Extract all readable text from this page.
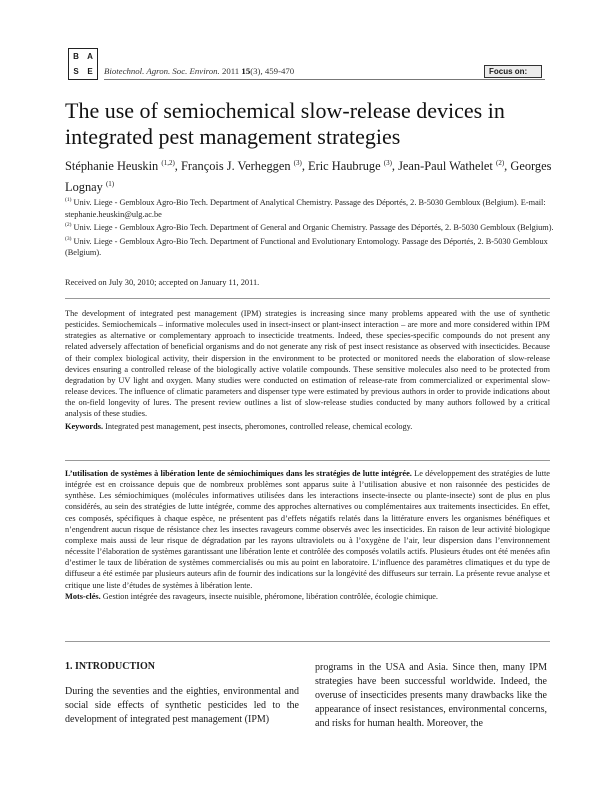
B	A
S	E	Biotechnol. Agron. Soc. Environ. 2011 15(3), 459-470	Focus on:
The use of semiochemical slow-release devices in integrated pest management strategies
Stéphanie Heuskin $^{(1,2)}$, François J. Verheggen $^{(3)}$, Eric Haubruge $^{(3)}$, Jean-Paul Wathelet $^{(2)}$, Georges Lognay $^{(1)}$
$^{(1)}$ Univ. Liege - Gembloux Agro-Bio Tech. Department of Analytical Chemistry. Passage des Déportés, 2. B-5030 Gembloux (Belgium). E-mail: stephanie.heuskin@ulg.ac.be
$^{(2)}$ Univ. Liege - Gembloux Agro-Bio Tech. Department of General and Organic Chemistry. Passage des Déportés, 2. B-5030 Gembloux (Belgium).
$^{(3)}$ Univ. Liege - Gembloux Agro-Bio Tech. Department of Functional and Evolutionary Entomology. Passage des Déportés, 2. B-5030 Gembloux (Belgium).
Received on July 30, 2010; accepted on January 11, 2011.

The development of integrated pest management (IPM) strategies is increasing since many problems appeared with the use of synthetic pesticides. Semiochemicals – informative molecules used in insect-insect or plant-insect interaction – are more and more considered within IPM strategies as alternative or complementary approach to insecticide treatments. Indeed, these species-specific compounds do not present any related adversely affectation of beneficial organisms and do not generate any risk of pest insect resistance as observed with insecticides. Because of their complex biological activity, their dispersion in the environment to be protected or monitored needs the elaboration of slow-release devices ensuring a controlled release of the biologically active volatile compounds. These sensitive molecules also need to be protected from degradation by UV light and oxygen. Many studies were conducted on estimation of release-rate from commercialized or experimental slow-release devices. The influence of climatic parameters and dispenser type were estimated by previous authors in order to provide indications about the on-field longevity of lures. The present review outlines a list of slow-release studies conducted by many authors followed by a critical analysis of these studies.

Keywords. Integrated pest management, pest insects, pheromones, controlled release, chemical ecology.

L’utilisation de systèmes à libération lente de sémiochimiques dans les stratégies de lutte intégrée. Le développement des stratégies de lutte intégrée est en croissance depuis que de nombreux problèmes sont apparus suite à l’utilisation abusive et non raisonnée des pesticides de synthèse. Les sémiochimiques (molécules informatives utilisées dans les interactions insecte-insecte ou plante-insecte) sont de plus en plus considérés, au sein des stratégies de lutte intégrée, comme des approches alternatives ou complémentaires aux traitements insecticides. En effet, ces composés, spécifiques à chaque espèce, ne présentent pas d’effets négatifs relatés dans la littérature envers les organismes bénéfiques et n’engendrent aucun risque de résistance chez les insectes ravageurs comme observés avec les insecticides. En raison de leur activité biologique complexe mais aussi de leur risque de dégradation par les rayons ultraviolets ou à l’oxygène de l’air, leur dispersion dans l’environnement nécessite l’élaboration de systèmes garantissant une libération lente et contrôlée des composés volatils actifs. Plusieurs études ont été menées afin d’estimer le taux de libération de systèmes commercialisés ou mis au point en laboratoire. L’influence des paramètres climatiques et du type de diffuseur a été estimée par plusieurs auteurs afin de fournir des indications sur la longévité des diffuseurs sur terrain. La présente revue analyse et critique une liste d’études de systèmes à libération lente.

Mots-clés. Gestion intégrée des ravageurs, insecte nuisible, phéromone, libération contrôlée, écologie chimique.

1. INTRODUCTION

During the seventies and the eighties, environmental and social side effects of synthetic pesticides led to the development of integrated pest management (IPM)

programs in the USA and Asia. Since then, many IPM strategies have been successful worldwide. Indeed, the overuse of insecticides presents many drawbacks like the appearance of insect resistances, environmental concerns, and risks for human health. Moreover, the
